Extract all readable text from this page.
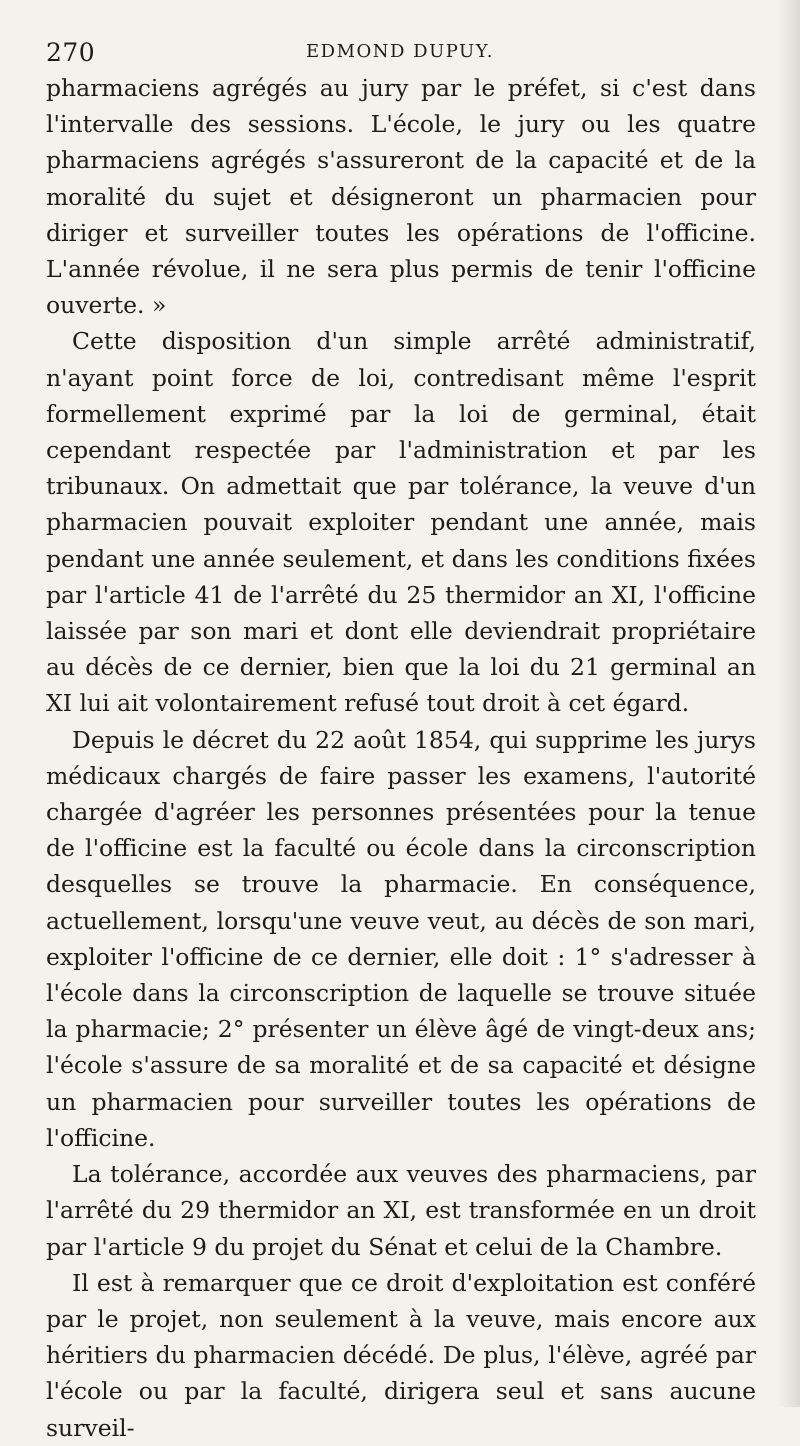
270	EDMOND DUPUY.

pharmaciens agrégés au jury par le préfet, si c'est dans l'intervalle des sessions. L'école, le jury ou les quatre pharmaciens agrégés s'assureront de la capacité et de la moralité du sujet et désigneront un pharmacien pour diriger et surveiller toutes les opérations de l'officine. L'année révolue, il ne sera plus permis de tenir l'officine ouverte. »

Cette disposition d'un simple arrêté administratif, n'ayant point force de loi, contredisant même l'esprit formellement exprimé par la loi de germinal, était cependant respectée par l'administration et par les tribunaux. On admettait que par tolérance, la veuve d'un pharmacien pouvait exploiter pendant une année, mais pendant une année seulement, et dans les conditions fixées par l'article 41 de l'arrêté du 25 thermidor an XI, l'officine laissée par son mari et dont elle deviendrait propriétaire au décès de ce dernier, bien que la loi du 21 germinal an XI lui ait volontairement refusé tout droit à cet égard.

Depuis le décret du 22 août 1854, qui supprime les jurys médicaux chargés de faire passer les examens, l'autorité chargée d'agréer les personnes présentées pour la tenue de l'officine est la faculté ou école dans la circonscription desquelles se trouve la pharmacie. En conséquence, actuellement, lorsqu'une veuve veut, au décès de son mari, exploiter l'officine de ce dernier, elle doit : 1° s'adresser à l'école dans la circonscription de laquelle se trouve située la pharmacie; 2° présenter un élève âgé de vingt-deux ans; l'école s'assure de sa moralité et de sa capacité et désigne un pharmacien pour surveiller toutes les opérations de l'officine.

La tolérance, accordée aux veuves des pharmaciens, par l'arrêté du 29 thermidor an XI, est transformée en un droit par l'article 9 du projet du Sénat et celui de la Chambre.

Il est à remarquer que ce droit d'exploitation est conféré par le projet, non seulement à la veuve, mais encore aux héritiers du pharmacien décédé. De plus, l'élève, agréé par l'école ou par la faculté, dirigera seul et sans aucune surveil-
